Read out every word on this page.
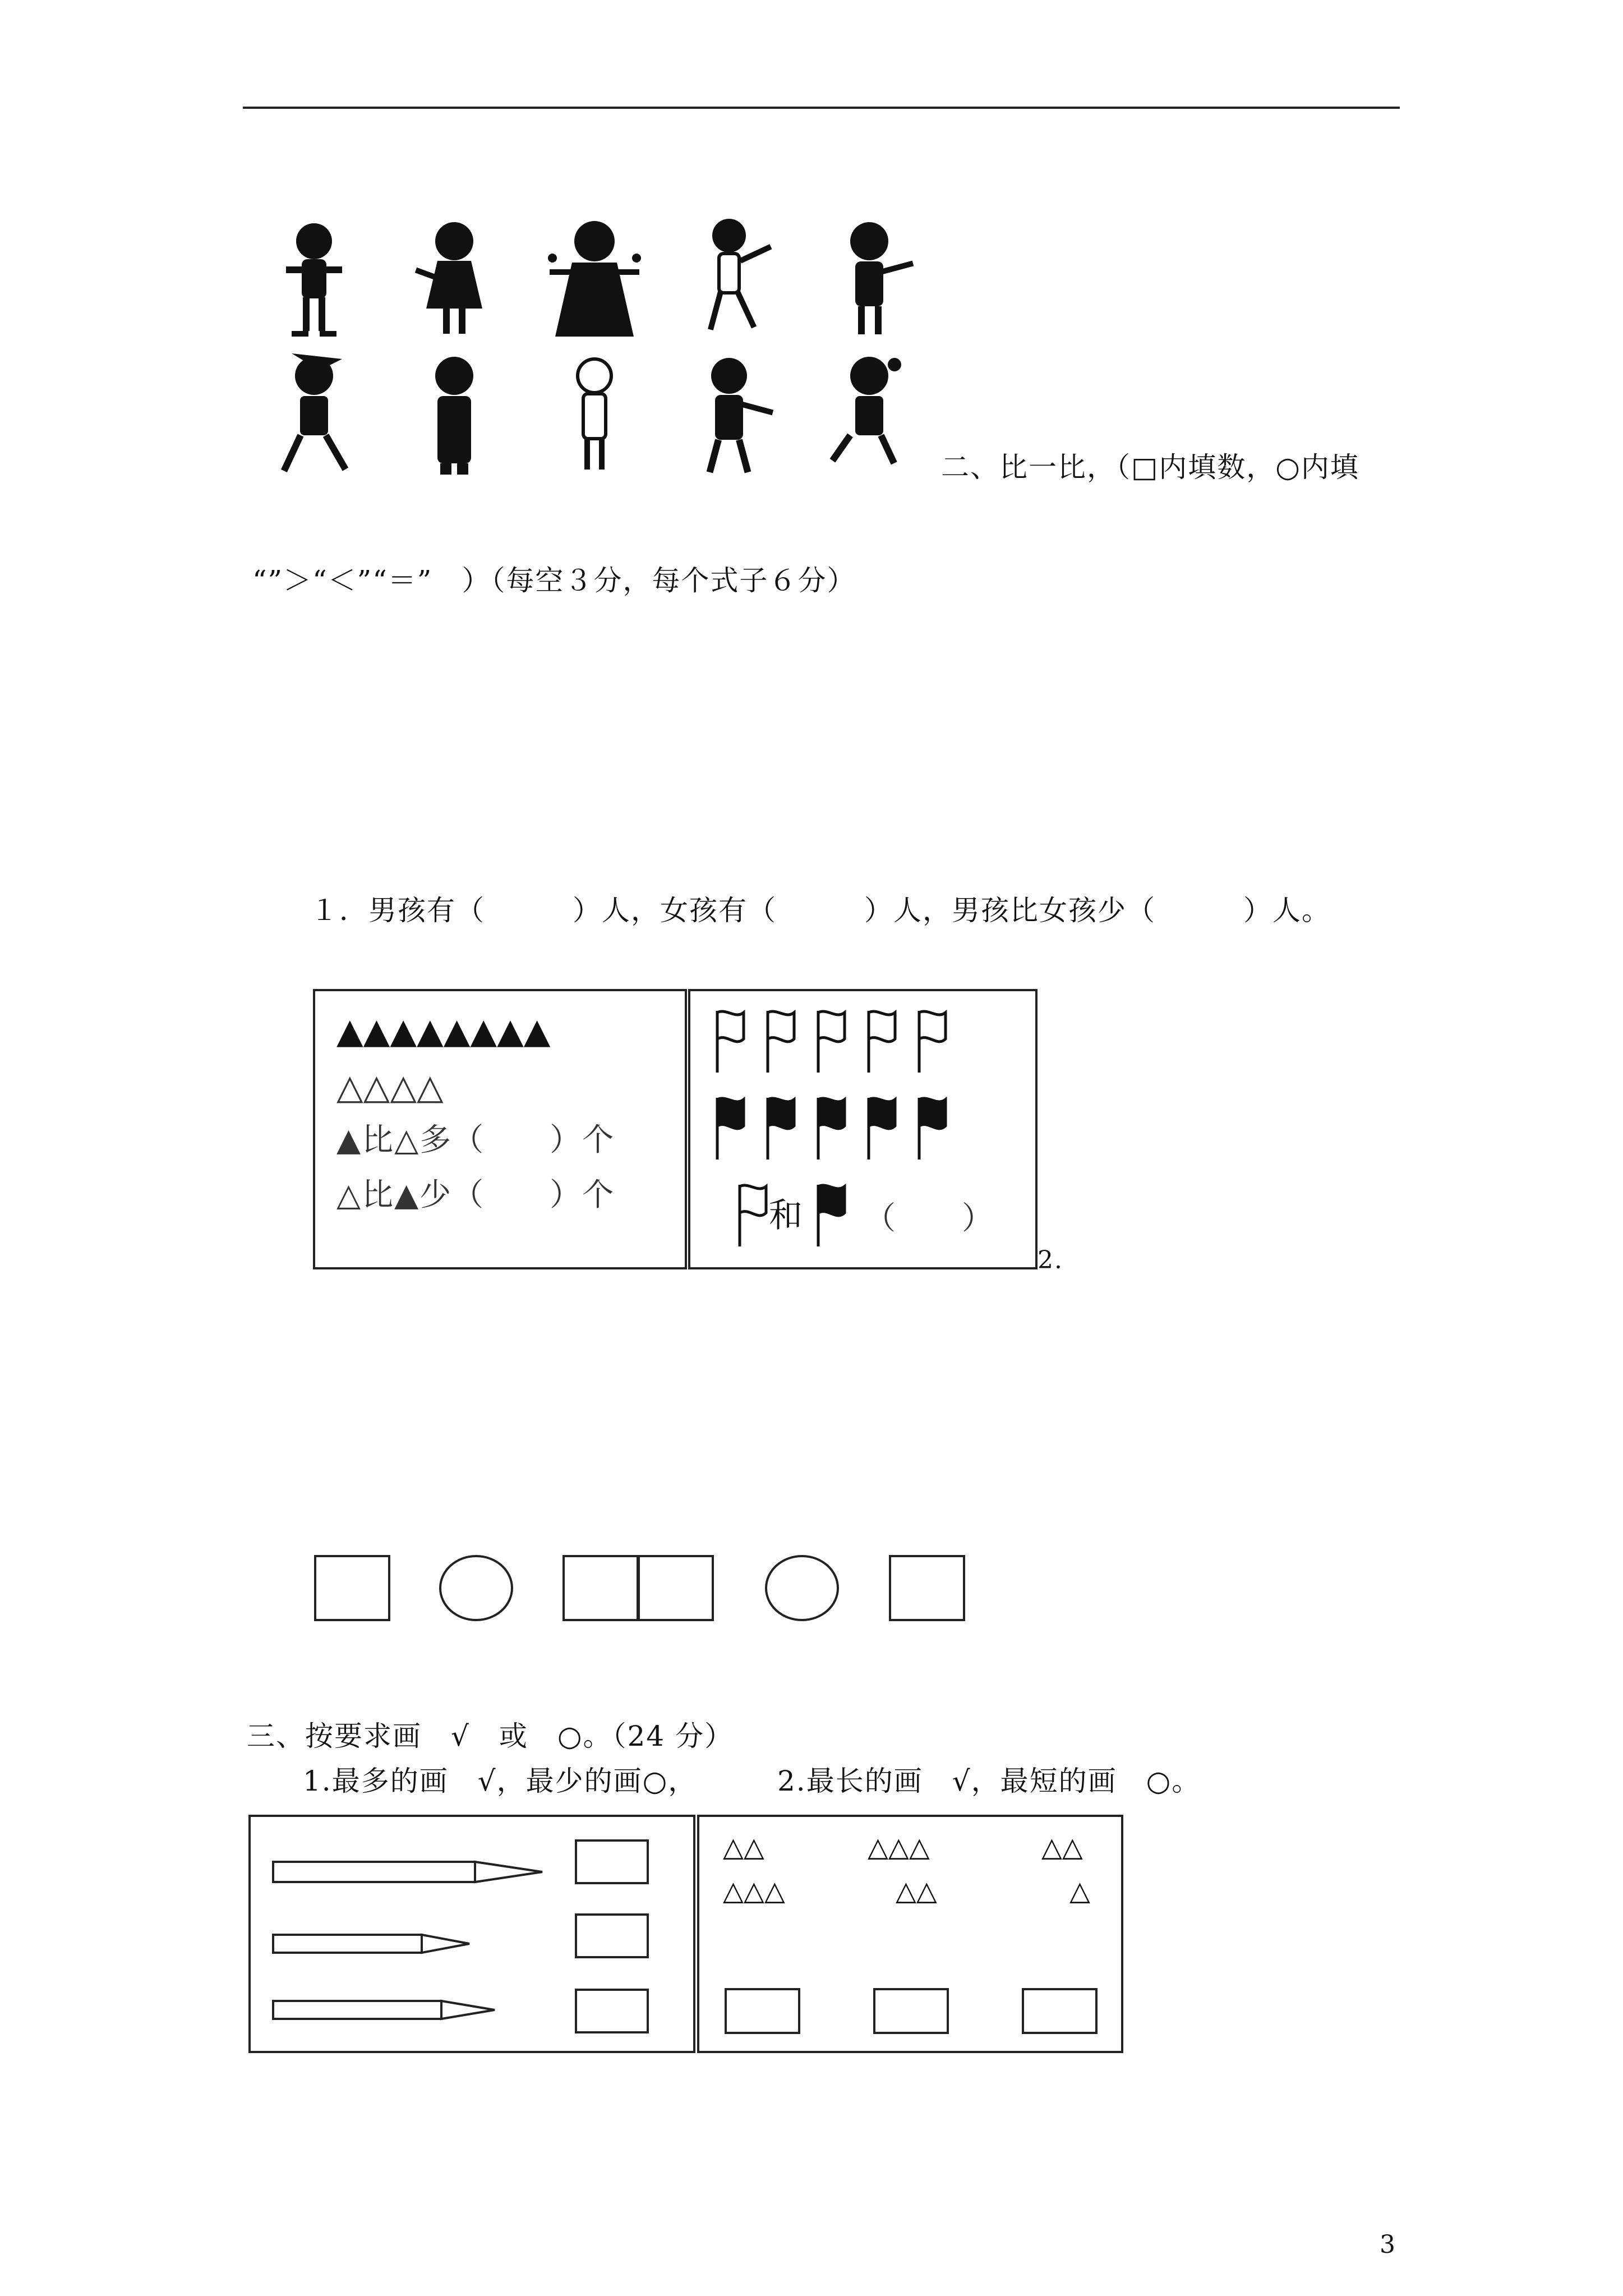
二、比一比，（□内填数，○内填
“”＞“＜”“＝”　）（每空３分，每个式子６分）
１．男孩有（　　　）人，女孩有（　　　）人，男孩比女孩少（　　　）人。
▲▲▲▲▲▲▲▲
△△△△
▲比△多（　　）个
△比▲少（　　）个
和 （　　）
2.
三、按要求画　√　或　○。（24 分）
1.最多的画　√，最少的画○，	2.最长的画　√，最短的画　○。
△△	△△△	△△
△△△	△△	△
3
